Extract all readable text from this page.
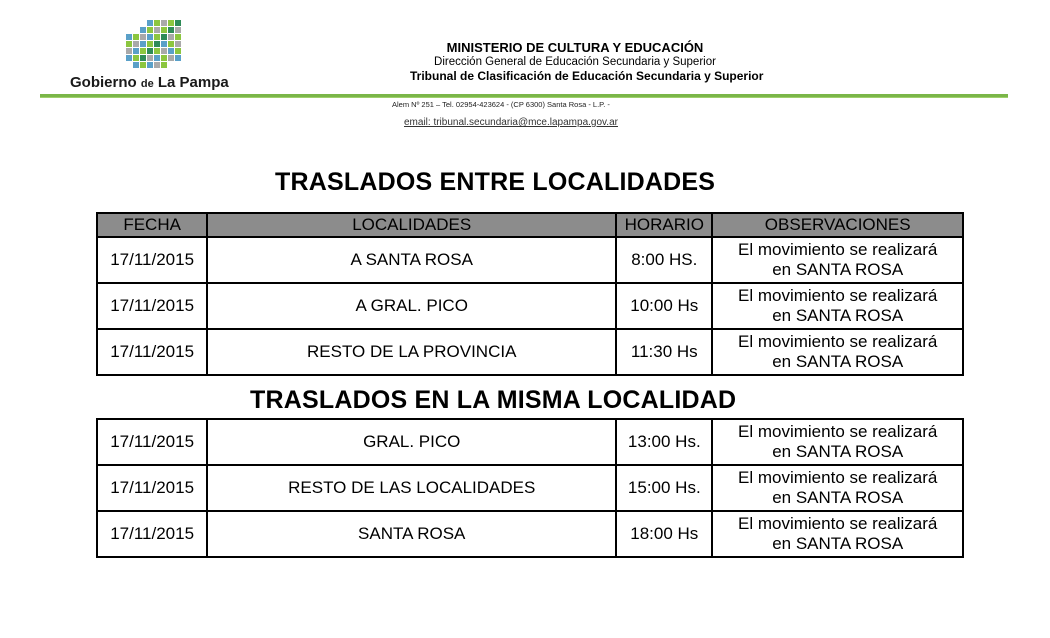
Gobierno de La Pampa
MINISTERIO DE CULTURA Y EDUCACIÓN
Dirección General de Educación Secundaria y Superior
Tribunal de Clasificación de Educación Secundaria y Superior
Alem Nº 251 – Tel. 02954-423624 - (CP 6300) Santa Rosa - L.P. -
email: tribunal.secundaria@mce.lapampa.gov.ar
TRASLADOS ENTRE LOCALIDADES
FECHA	LOCALIDADES	HORARIO	OBSERVACIONES
17/11/2015	A SANTA ROSA	8:00 HS.	El movimiento se realizará
en SANTA ROSA

17/11/2015	A GRAL. PICO	10:00 Hs	El movimiento se realizará
en SANTA ROSA

17/11/2015	RESTO DE LA PROVINCIA	11:30 Hs	El movimiento se realizará
en SANTA ROSA
TRASLADOS EN LA MISMA LOCALIDAD
17/11/2015	GRAL. PICO	13:00 Hs.	El movimiento se realizará
en SANTA ROSA

17/11/2015	RESTO DE LAS LOCALIDADES	15:00 Hs.	El movimiento se realizará
en SANTA ROSA

17/11/2015	SANTA ROSA	18:00 Hs	El movimiento se realizará
en SANTA ROSA
